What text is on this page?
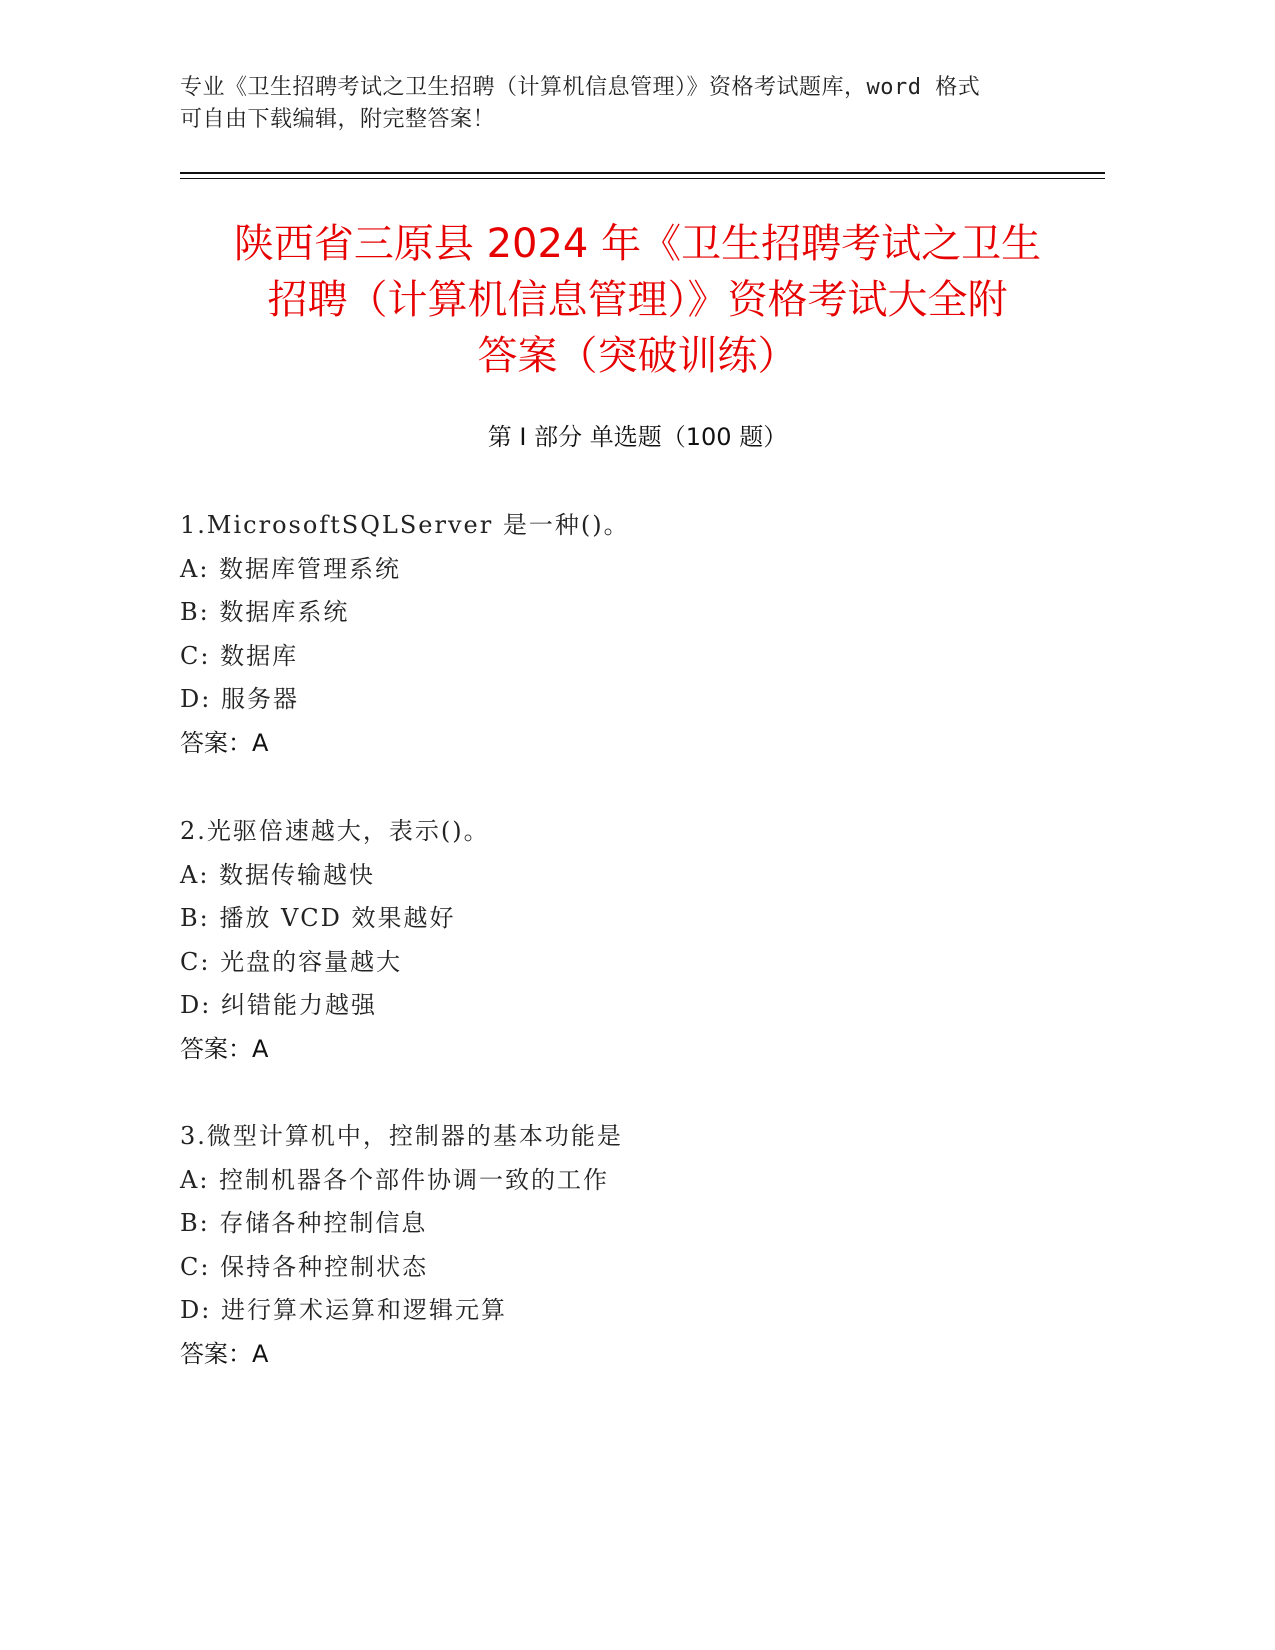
专业《卫生招聘考试之卫生招聘（计算机信息管理）》资格考试题库，word 格式
可自由下载编辑，附完整答案！
陕西省三原县 2024 年《卫生招聘考试之卫生
招聘（计算机信息管理）》资格考试大全附
答案（突破训练）
第 I 部分 单选题（100 题）
1.MicrosoftSQLServer 是一种()。
A: 数据库管理系统
B: 数据库系统
C: 数据库
D: 服务器
答案：A
2.光驱倍速越大，表示()。
A: 数据传输越快
B: 播放 VCD 效果越好
C: 光盘的容量越大
D: 纠错能力越强
答案：A
3.微型计算机中，控制器的基本功能是
A: 控制机器各个部件协调一致的工作
B: 存储各种控制信息
C: 保持各种控制状态
D: 进行算术运算和逻辑元算
答案：A
